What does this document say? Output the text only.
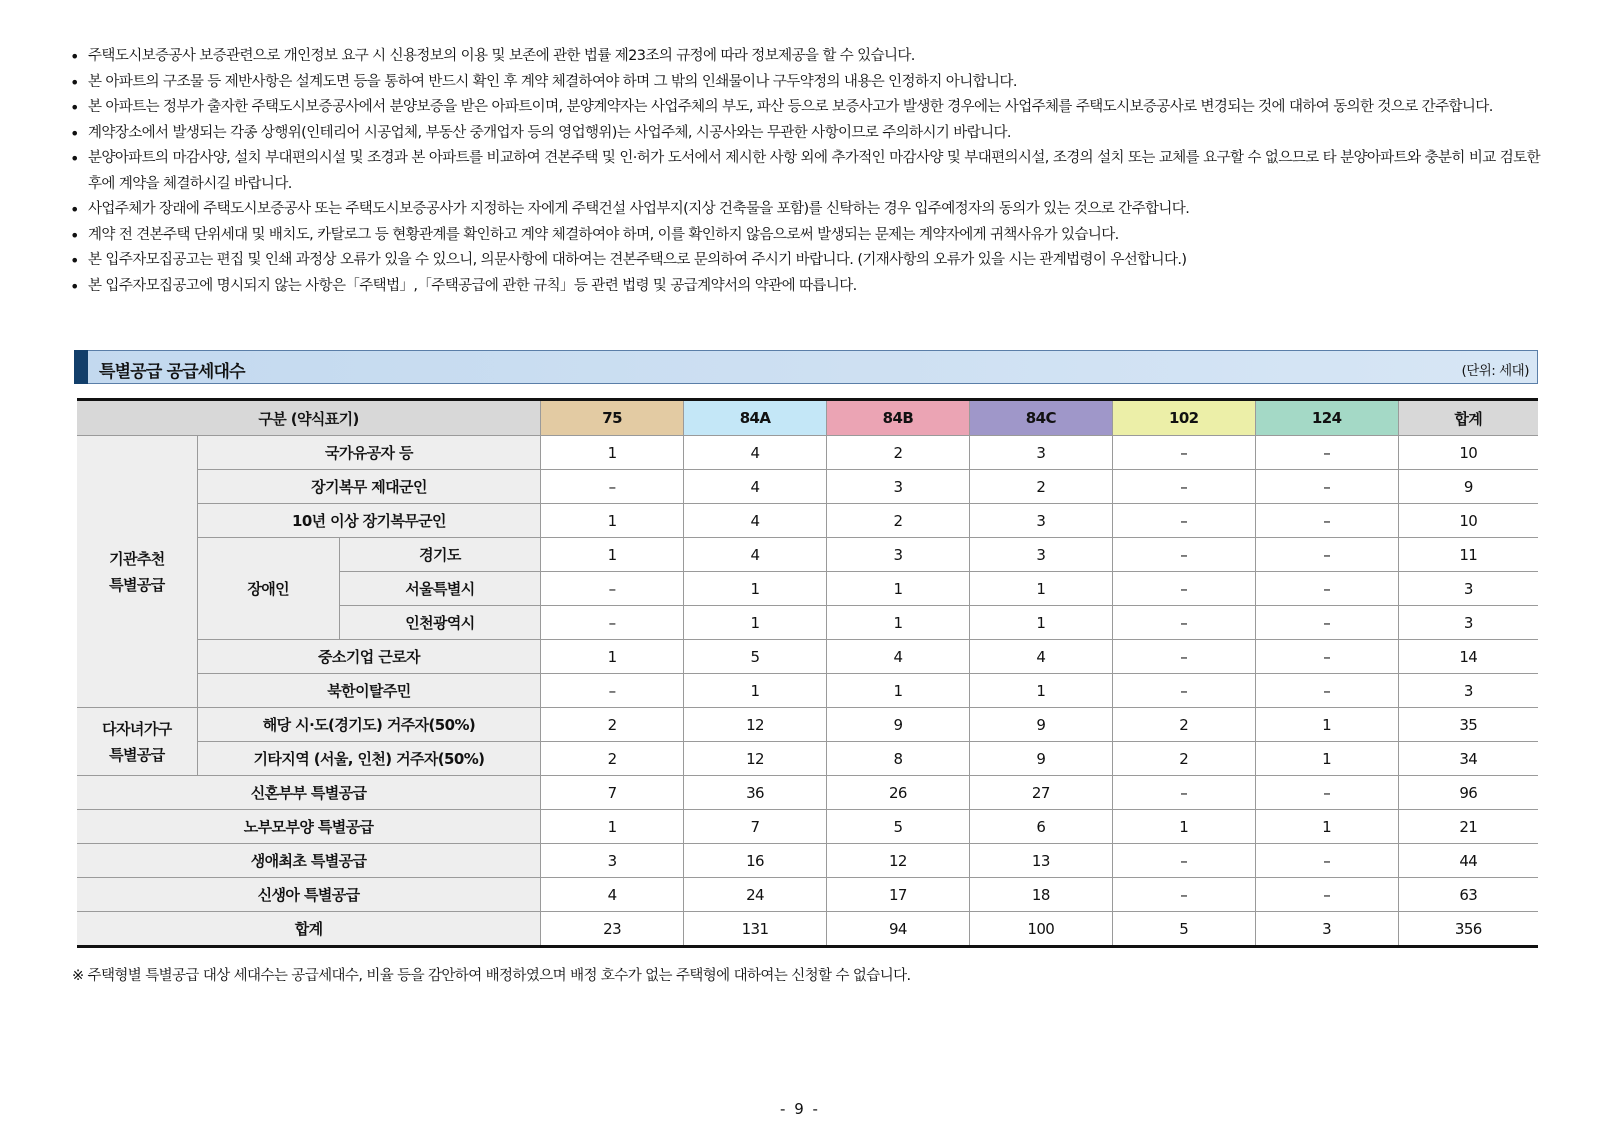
• 주택도시보증공사 보증관련으로 개인정보 요구 시 신용정보의 이용 및 보존에 관한 법률 제23조의 규정에 따라 정보제공을 할 수 있습니다.
• 본 아파트의 구조물 등 제반사항은 설계도면 등을 통하여 반드시 확인 후 계약 체결하여야 하며 그 밖의 인쇄물이나 구두약정의 내용은 인정하지 아니합니다.
• 본 아파트는 정부가 출자한 주택도시보증공사에서 분양보증을 받은 아파트이며, 분양계약자는 사업주체의 부도, 파산 등으로 보증사고가 발생한 경우에는 사업주체를 주택도시보증공사로 변경되는 것에 대하여 동의한 것으로 간주합니다.
• 계약장소에서 발생되는 각종 상행위(인테리어 시공업체, 부동산 중개업자 등의 영업행위)는 사업주체, 시공사와는 무관한 사항이므로 주의하시기 바랍니다.
• 분양아파트의 마감사양, 설치 부대편의시설 및 조경과 본 아파트를 비교하여 견본주택 및 인·허가 도서에서 제시한 사항 외에 추가적인 마감사양 및 부대편의시설, 조경의 설치 또는 교체를 요구할 수 없으므로 타 분양아파트와 충분히 비교 검토한 후에 계약을 체결하시길 바랍니다.
• 사업주체가 장래에 주택도시보증공사 또는 주택도시보증공사가 지정하는 자에게 주택건설 사업부지(지상 건축물을 포함)를 신탁하는 경우 입주예정자의 동의가 있는 것으로 간주합니다.
• 계약 전 견본주택 단위세대 및 배치도, 카탈로그 등 현황관계를 확인하고 계약 체결하여야 하며, 이를 확인하지 않음으로써 발생되는 문제는 계약자에게 귀책사유가 있습니다.
• 본 입주자모집공고는 편집 및 인쇄 과정상 오류가 있을 수 있으니, 의문사항에 대하여는 견본주택으로 문의하여 주시기 바랍니다. (기재사항의 오류가 있을 시는 관계법령이 우선합니다.)
• 본 입주자모집공고에 명시되지 않는 사항은「주택법」,「주택공급에 관한 규칙」등 관련 법령 및 공급계약서의 약관에 따릅니다.
특별공급 공급세대수	(단위: 세대)
구분 (약식표기)			75	84A	84B	84C	102	124	합계
기관추천
특별공급	국가유공자 등		1	4	2	3	–	–	10
	장기복무 제대군인		–	4	3	2	–	–	9
	10년 이상 장기복무군인		1	4	2	3	–	–	10
	장애인	경기도	1	4	3	3	–	–	11
		서울특별시	–	1	1	1	–	–	3
		인천광역시	–	1	1	1	–	–	3
	중소기업 근로자		1	5	4	4	–	–	14
	북한이탈주민		–	1	1	1	–	–	3
다자녀가구
특별공급	해당 시·도(경기도) 거주자(50%)		2	12	9	9	2	1	35
	기타지역 (서울, 인천) 거주자(50%)		2	12	8	9	2	1	34
신혼부부 특별공급			7	36	26	27	–	–	96
노부모부양 특별공급			1	7	5	6	1	1	21
생애최초 특별공급			3	16	12	13	–	–	44
신생아 특별공급			4	24	17	18	–	–	63
합계			23	131	94	100	5	3	356
※ 주택형별 특별공급 대상 세대수는 공급세대수, 비율 등을 감안하여 배정하였으며 배정 호수가 없는 주택형에 대하여는 신청할 수 없습니다.
- 9 -
